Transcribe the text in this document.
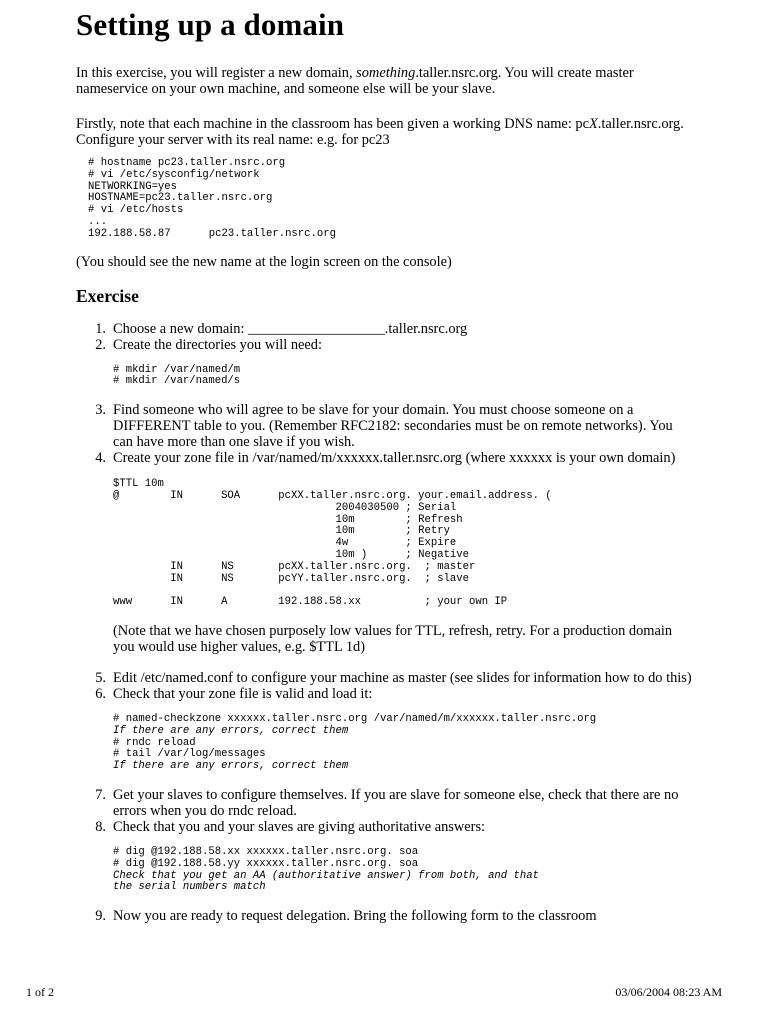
Setting up a domain

In this exercise, you will register a new domain, something.taller.nsrc.org. You will create master nameservice on your own machine, and someone else will be your slave.

Firstly, note that each machine in the classroom has been given a working DNS name: pcX.taller.nsrc.org. Configure your server with its real name: e.g. for pc23

# hostname pc23.taller.nsrc.org
# vi /etc/sysconfig/network
NETWORKING=yes
HOSTNAME=pc23.taller.nsrc.org
# vi /etc/hosts
...
192.188.58.87      pc23.taller.nsrc.org

(You should see the new name at the login screen on the console)

Exercise
1. Choose a new domain: ___________________.taller.nsrc.org
2. Create the directories you will need:
# mkdir /var/named/m
# mkdir /var/named/s
3. Find someone who will agree to be slave for your domain. You must choose someone on a DIFFERENT table to you. (Remember RFC2182: secondaries must be on remote networks). You can have more than one slave if you wish.
4. Create your zone file in /var/named/m/xxxxxx.taller.nsrc.org (where xxxxxx is your own domain)
$TTL 10m
@        IN      SOA      pcXX.taller.nsrc.org. your.email.address. (
2004030500 ; Serial
10m        ; Refresh
10m        ; Retry
4w         ; Expire
10m )      ; Negative
IN      NS       pcXX.taller.nsrc.org.  ; master
IN      NS       pcYY.taller.nsrc.org.  ; slave

www      IN      A        192.188.58.xx          ; your own IP

(Note that we have chosen purposely low values for TTL, refresh, retry. For a production domain you would use higher values, e.g. $TTL 1d)

5. Edit /etc/named.conf to configure your machine as master (see slides for information how to do this)
6. Check that your zone file is valid and load it:
# named-checkzone xxxxxx.taller.nsrc.org /var/named/m/xxxxxx.taller.nsrc.org
If there are any errors, correct them
# rndc reload
# tail /var/log/messages
If there are any errors, correct them
7. Get your slaves to configure themselves. If you are slave for someone else, check that there are no errors when you do rndc reload.
8. Check that you and your slaves are giving authoritative answers:
# dig @192.188.58.xx xxxxxx.taller.nsrc.org. soa
# dig @192.188.58.yy xxxxxx.taller.nsrc.org. soa
Check that you get an AA (authoritative answer) from both, and that
the serial numbers match
9. Now you are ready to request delegation. Bring the following form to the classroom
1 of 2	03/06/2004 08:23 AM
